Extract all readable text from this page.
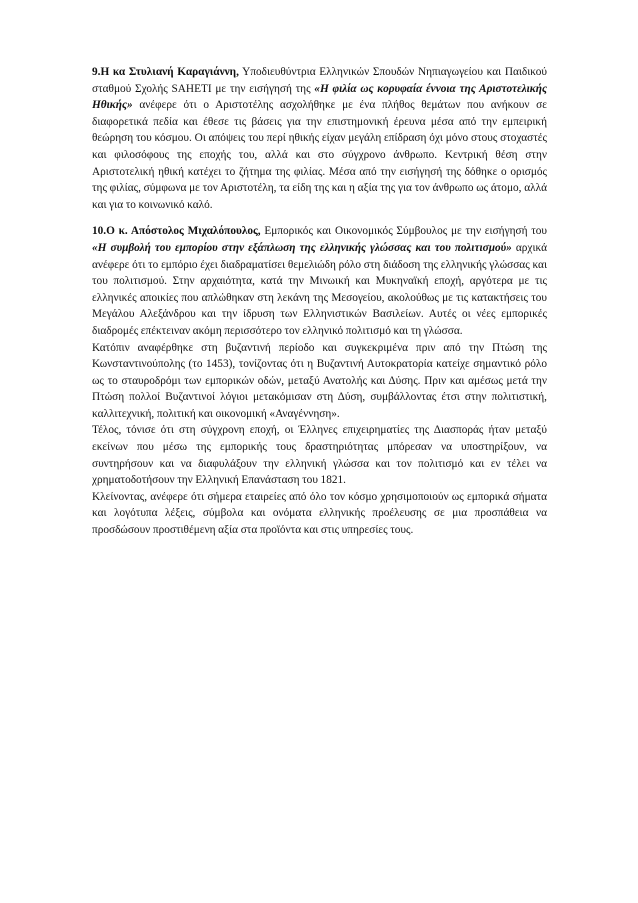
9.Η κα Στυλιανή Καραγιάννη, Υποδιευθύντρια Ελληνικών Σπουδών Νηπιαγωγείου και Παιδικού σταθμού Σχολής SAHETI με την εισήγησή της «Η φιλία ως κορυφαία έννοια της Αριστοτελικής Ηθικής» ανέφερε ότι ο Αριστοτέλης ασχολήθηκε με ένα πλήθος θεμάτων που ανήκουν σε διαφορετικά πεδία και έθεσε τις βάσεις για την επιστημονική έρευνα μέσα από την εμπειρική θεώρηση του κόσμου. Οι απόψεις του περί ηθικής είχαν μεγάλη επίδραση όχι μόνο στους στοχαστές και φιλοσόφους της εποχής του, αλλά και στο σύγχρονο άνθρωπο. Κεντρική θέση στην Αριστοτελική ηθική κατέχει το ζήτημα της φιλίας. Μέσα από την εισήγησή της δόθηκε ο ορισμός της φιλίας, σύμφωνα με τον Αριστοτέλη, τα είδη της και η αξία της για τον άνθρωπο ως άτομο, αλλά και για το κοινωνικό καλό.

10.Ο κ. Απόστολος Μιχαλόπουλος, Εμπορικός και Οικονομικός Σύμβουλος με την εισήγησή του «Η συμβολή του εμπορίου στην εξάπλωση της ελληνικής γλώσσας και του πολιτισμού» αρχικά ανέφερε ότι το εμπόριο έχει διαδραματίσει θεμελιώδη ρόλο στη διάδοση της ελληνικής γλώσσας και του πολιτισμού. Στην αρχαιότητα, κατά την Μινωική και Μυκηναϊκή εποχή, αργότερα με τις ελληνικές αποικίες που απλώθηκαν στη λεκάνη της Μεσογείου, ακολούθως με τις κατακτήσεις του Μεγάλου Αλεξάνδρου και την ίδρυση των Ελληνιστικών Βασιλείων. Αυτές οι νέες εμπορικές διαδρομές επέκτειναν ακόμη περισσότερο τον ελληνικό πολιτισμό και τη γλώσσα.

Κατόπιν αναφέρθηκε στη βυζαντινή περίοδο και συγκεκριμένα πριν από την Πτώση της Κωνσταντινούπολης (το 1453), τονίζοντας ότι η Βυζαντινή Αυτοκρατορία κατείχε σημαντικό ρόλο ως το σταυροδρόμι των εμπορικών οδών, μεταξύ Ανατολής και Δύσης. Πριν και αμέσως μετά την Πτώση πολλοί Βυζαντινοί λόγιοι μετακόμισαν στη Δύση, συμβάλλοντας έτσι στην πολιτιστική, καλλιτεχνική, πολιτική και οικονομική «Αναγέννηση».

Τέλος, τόνισε ότι στη σύγχρονη εποχή, οι Έλληνες επιχειρηματίες της Διασποράς ήταν μεταξύ εκείνων που μέσω της εμπορικής τους δραστηριότητας μπόρεσαν να υποστηρίξουν, να συντηρήσουν και να διαφυλάξουν την ελληνική γλώσσα και τον πολιτισμό και εν τέλει να χρηματοδοτήσουν την Ελληνική Επανάσταση του 1821.

Κλείνοντας, ανέφερε ότι σήμερα εταιρείες από όλο τον κόσμο χρησιμοποιούν ως εμπορικά σήματα και λογότυπα λέξεις, σύμβολα και ονόματα ελληνικής προέλευσης σε μια προσπάθεια να προσδώσουν προστιθέμενη αξία στα προϊόντα και στις υπηρεσίες τους.
